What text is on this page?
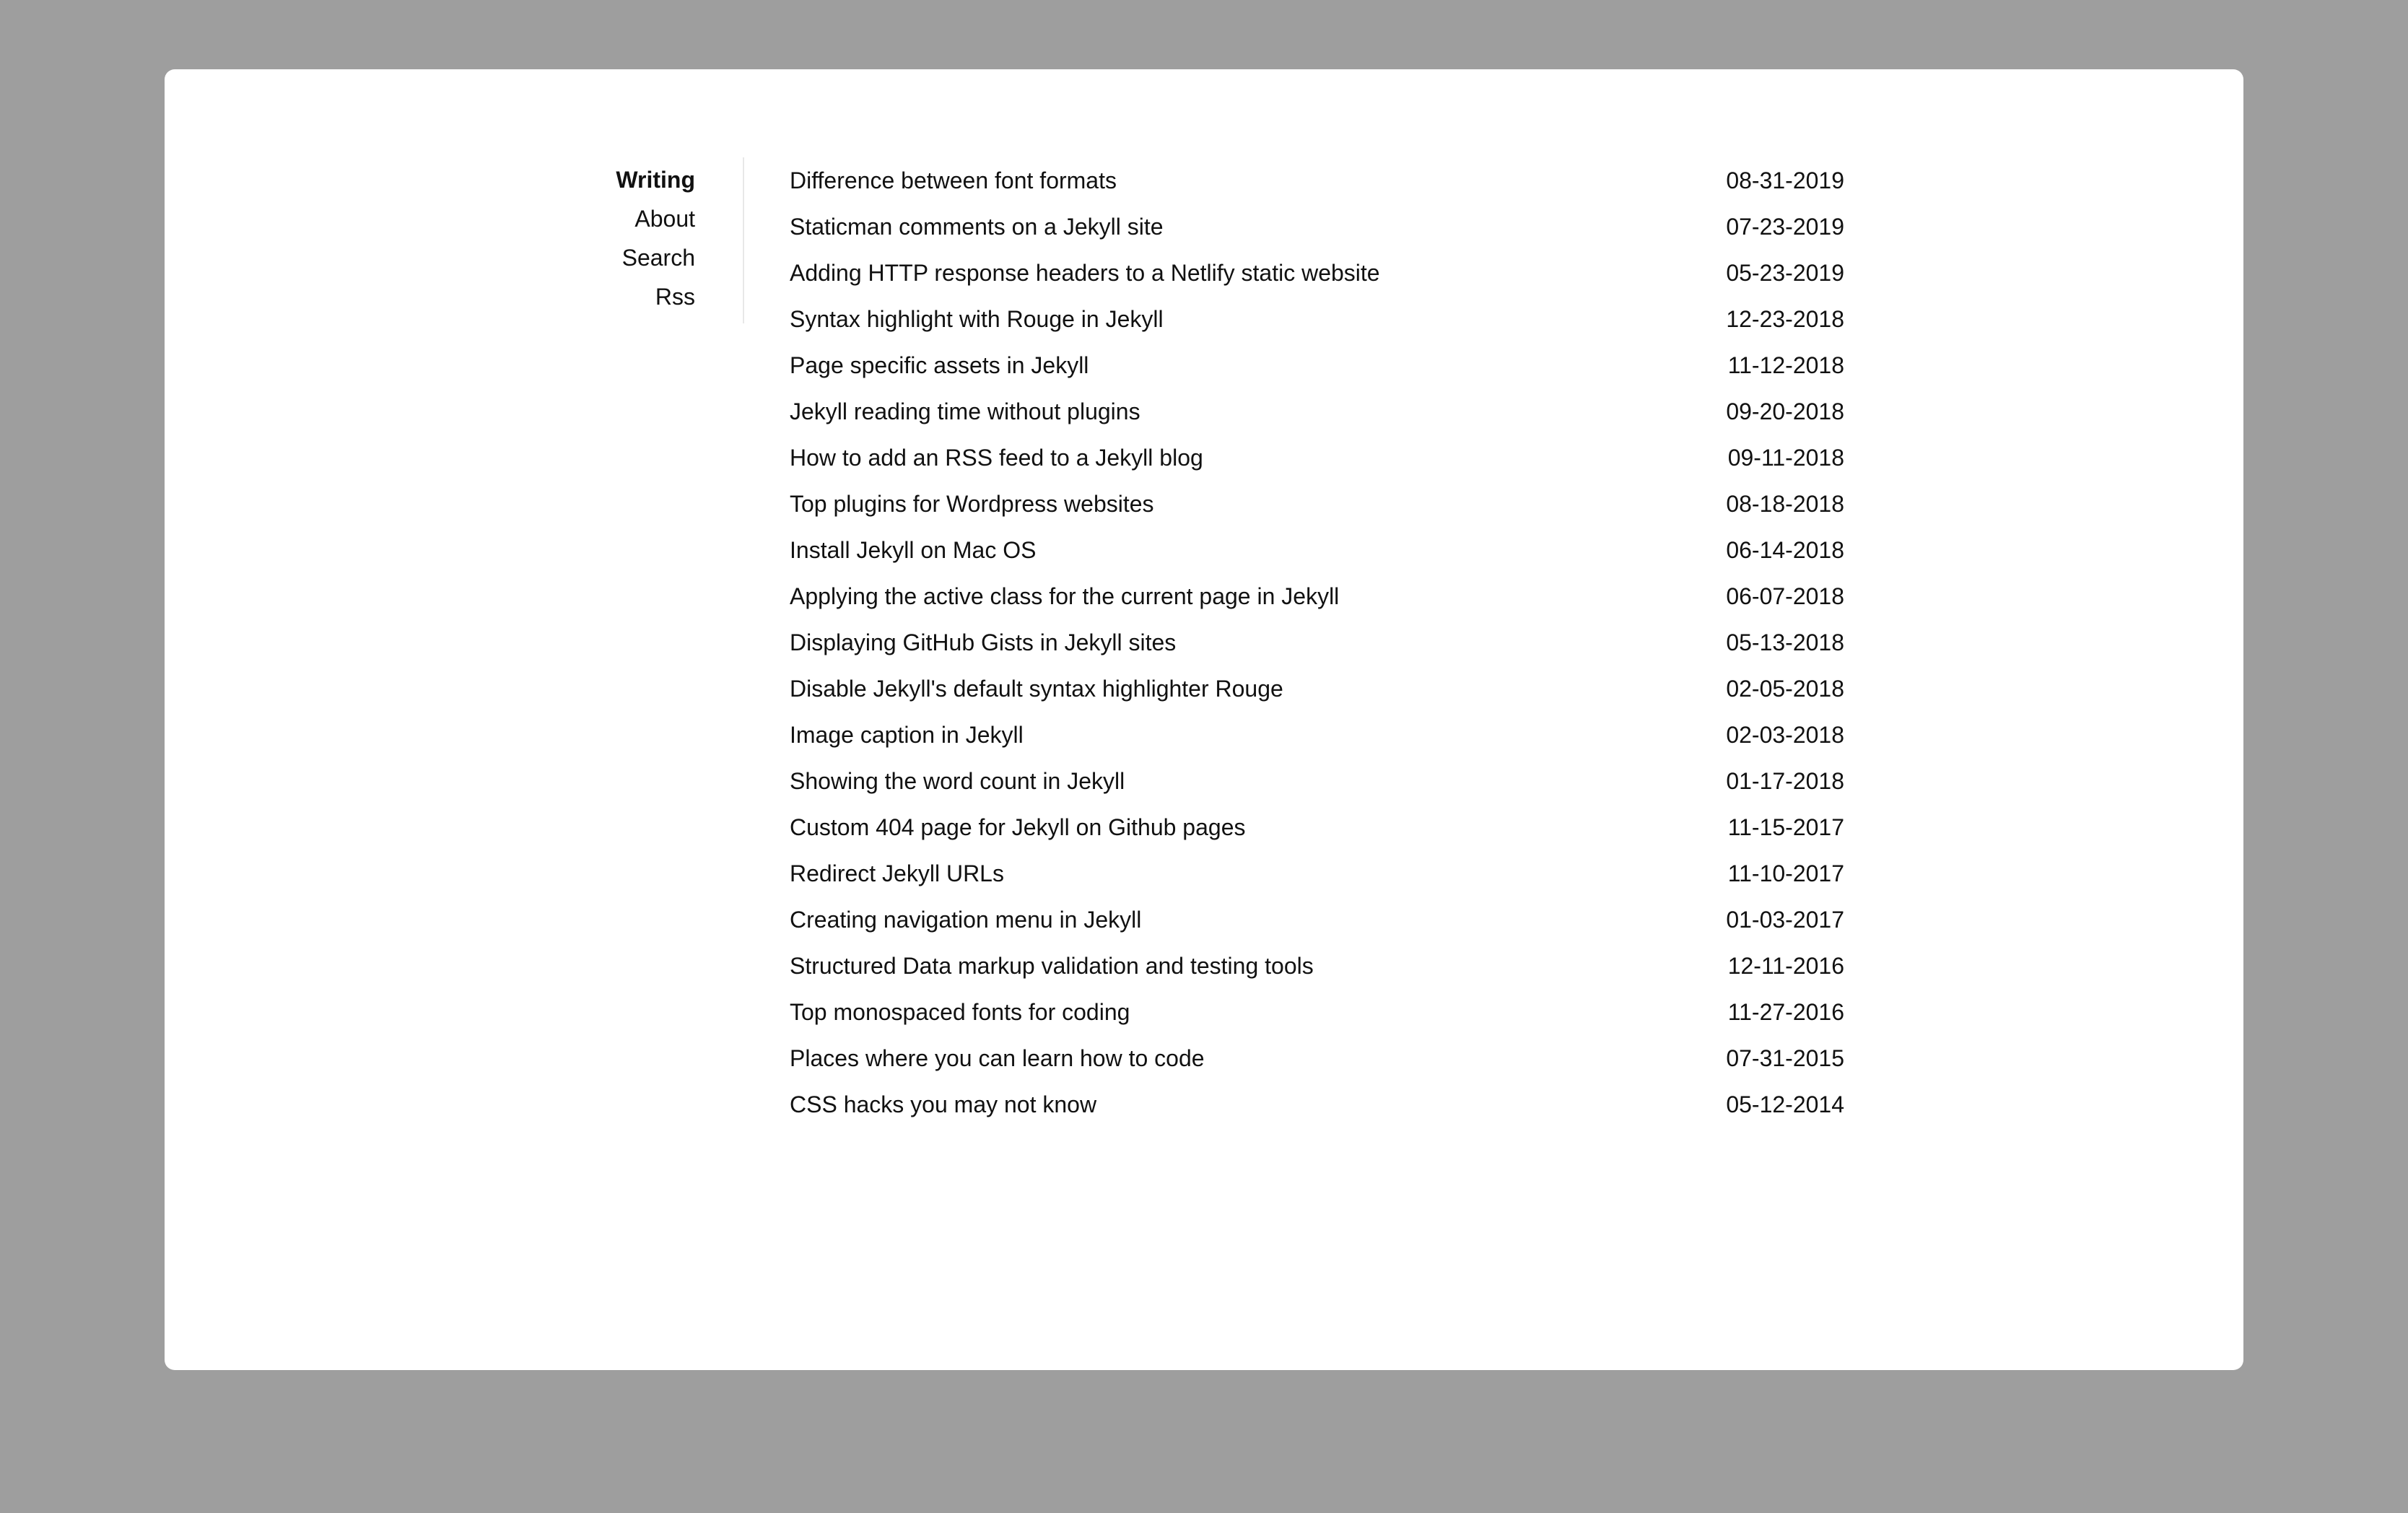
Writing
About
Search
Rss
Difference between font formats	08-31-2019
Staticman comments on a Jekyll site	07-23-2019
Adding HTTP response headers to a Netlify static website	05-23-2019
Syntax highlight with Rouge in Jekyll	12-23-2018
Page specific assets in Jekyll	11-12-2018
Jekyll reading time without plugins	09-20-2018
How to add an RSS feed to a Jekyll blog	09-11-2018
Top plugins for Wordpress websites	08-18-2018
Install Jekyll on Mac OS	06-14-2018
Applying the active class for the current page in Jekyll	06-07-2018
Displaying GitHub Gists in Jekyll sites	05-13-2018
Disable Jekyll's default syntax highlighter Rouge	02-05-2018
Image caption in Jekyll	02-03-2018
Showing the word count in Jekyll	01-17-2018
Custom 404 page for Jekyll on Github pages	11-15-2017
Redirect Jekyll URLs	11-10-2017
Creating navigation menu in Jekyll	01-03-2017
Structured Data markup validation and testing tools	12-11-2016
Top monospaced fonts for coding	11-27-2016
Places where you can learn how to code	07-31-2015
CSS hacks you may not know	05-12-2014
